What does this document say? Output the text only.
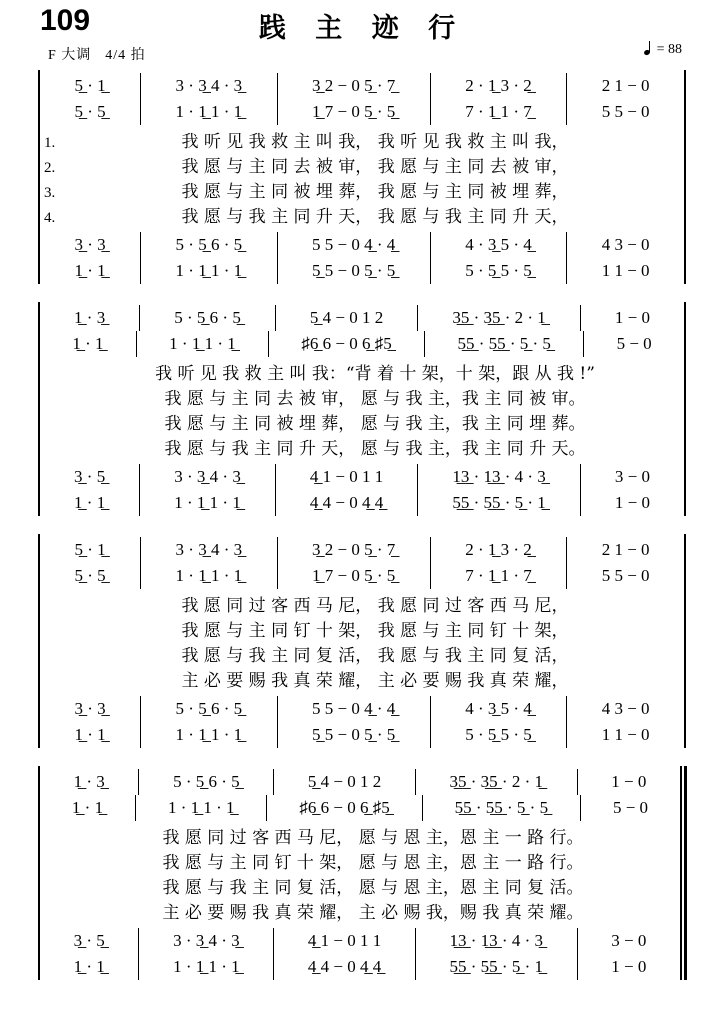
109	践 主 迹 行
F 大调 4/4 拍	= 88
5̲ · 1̲	3 · 3̲ 4 · 3̲	3̲ 2 − 0 5̲ · 7̲	2 · 1̲ 3 · 2̲	2 1 − 0
5̲ · 5̲	1 · 1̲ 1 · 1̲	1̲ 7 − 0 5̲ · 5̲	7 · 1̲ 1 · 7̲	5 5 − 0
1.	我 听 见 我 救 主 叫 我， 我 听 见 我 救 主 叫 我，
2.	我 愿 与 主 同 去 被 审， 我 愿 与 主 同 去 被 审，
3.	我 愿 与 主 同 被 埋 葬， 我 愿 与 主 同 被 埋 葬，
4.	我 愿 与 我 主 同 升 天， 我 愿 与 我 主 同 升 天，
3̲ · 3̲	5 · 5̲ 6 · 5̲	5 5 − 0 4̲ · 4̲	4 · 3̲ 5 · 4̲	4 3 − 0
1̲ · 1̲	1 · 1̲ 1 · 1̲	5̲ 5 − 0 5̲ · 5̲	5 · 5̲ 5 · 5̲	1 1 − 0
1̲ · 3̲	5 · 5̲ 6 · 5̲	5̲ 4 − 0 1 2	3̲5̲ · 3̲5̲ · 2 · 1̲	1 − 0
1̲ · 1̲	1 · 1̲ 1 · 1̲	♯6̲ 6 − 0 6̲ ♯5̲	5̲5̲ · 5̲5̲ · 5̲ · 5̲	5 − 0
我 听 见 我 救 主 叫 我：“背 着 十 架，十 架，跟 从 我 !”
我 愿 与 主 同 去 被 审， 愿 与 我 主，我 主 同 被 审。
我 愿 与 主 同 被 埋 葬， 愿 与 我 主，我 主 同 埋 葬。
我 愿 与 我 主 同 升 天， 愿 与 我 主，我 主 同 升 天。
3̲ · 5̲	3 · 3̲ 4 · 3̲	4̲ 1 − 0 1 1	1̲3̲ · 1̲3̲ · 4 · 3̲	3 − 0
1̲ · 1̲	1 · 1̲ 1 · 1̲	4̲ 4 − 0 4̲ 4̲	5̲5̲ · 5̲5̲ · 5̲ · 1̲	1 − 0
5̲ · 1̲	3 · 3̲ 4 · 3̲	3̲ 2 − 0 5̲ · 7̲	2 · 1̲ 3 · 2̲	2 1 − 0
5̲ · 5̲	1 · 1̲ 1 · 1̲	1̲ 7 − 0 5̲ · 5̲	7 · 1̲ 1 · 7̲	5 5 − 0
我 愿 同 过 客 西 马 尼， 我 愿 同 过 客 西 马 尼，
我 愿 与 主 同 钉 十 架， 我 愿 与 主 同 钉 十 架，
我 愿 与 我 主 同 复 活， 我 愿 与 我 主 同 复 活，
主 必 要 赐 我 真 荣 耀， 主 必 要 赐 我 真 荣 耀，
3̲ · 3̲	5 · 5̲ 6 · 5̲	5 5 − 0 4̲ · 4̲	4 · 3̲ 5 · 4̲	4 3 − 0
1̲ · 1̲	1 · 1̲ 1 · 1̲	5̲ 5 − 0 5̲ · 5̲	5 · 5̲ 5 · 5̲	1 1 − 0
1̲ · 3̲	5 · 5̲ 6 · 5̲	5̲ 4 − 0 1 2	3̲5̲ · 3̲5̲ · 2 · 1̲	1 − 0
1̲ · 1̲	1 · 1̲ 1 · 1̲	♯6̲ 6 − 0 6̲ ♯5̲	5̲5̲ · 5̲5̲ · 5̲ · 5̲	5 − 0
我 愿 同 过 客 西 马 尼， 愿 与 恩 主，恩 主 一 路 行。
我 愿 与 主 同 钉 十 架， 愿 与 恩 主，恩 主 一 路 行。
我 愿 与 我 主 同 复 活， 愿 与 恩 主，恩 主 同 复 活。
主 必 要 赐 我 真 荣 耀， 主 必 赐 我，赐 我 真 荣 耀。
3̲ · 5̲	3 · 3̲ 4 · 3̲	4̲ 1 − 0 1 1	1̲3̲ · 1̲3̲ · 4 · 3̲	3 − 0
1̲ · 1̲	1 · 1̲ 1 · 1̲	4̲ 4 − 0 4̲ 4̲	5̲5̲ · 5̲5̲ · 5̲ · 1̲	1 − 0
